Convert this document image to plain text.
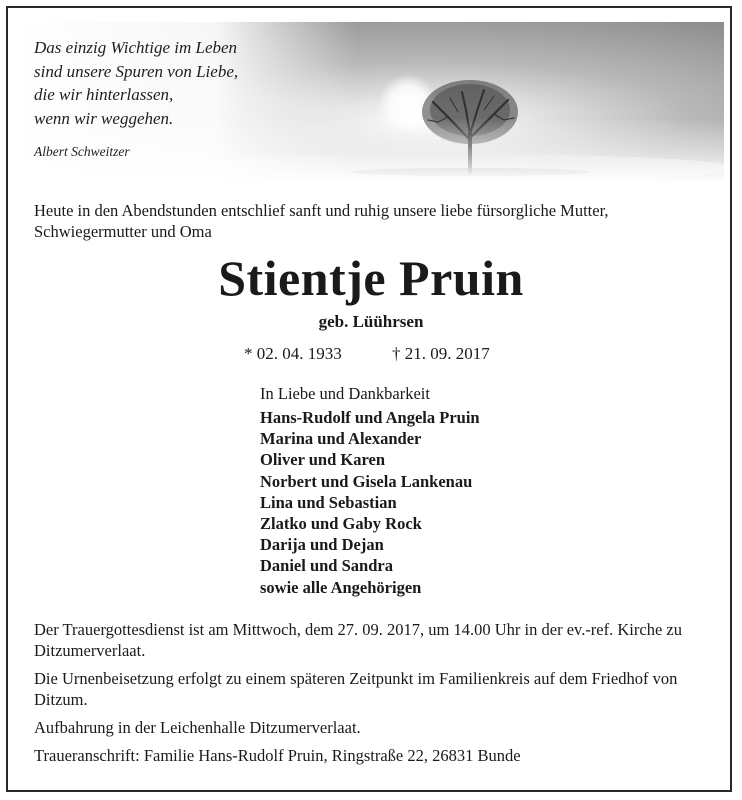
Das einzig Wichtige im Leben
sind unsere Spuren von Liebe,
die wir hinterlassen,
wenn wir weggehen.
Albert Schweitzer
Heute in den Abendstunden entschlief sanft und ruhig unsere liebe fürsorgliche Mutter, Schwiegermutter und Oma
Stientje Pruin
geb. Lüührsen
* 02. 04. 1933	† 21. 09. 2017
In Liebe und Dankbarkeit
Hans-Rudolf und Angela Pruin
Marina und Alexander
Oliver und Karen
Norbert und Gisela Lankenau
Lina und Sebastian
Zlatko und Gaby Rock
Darija und Dejan
Daniel und Sandra
sowie alle Angehörigen

Der Trauergottesdienst ist am Mittwoch, dem 27. 09. 2017, um 14.00 Uhr in der ev.-ref. Kirche zu Ditzumerverlaat.

Die Urnenbeisetzung erfolgt zu einem späteren Zeitpunkt im Familienkreis auf dem Friedhof von Ditzum.

Aufbahrung in der Leichenhalle Ditzumerverlaat.

Traueranschrift: Familie Hans-Rudolf Pruin, Ringstraße 22, 26831 Bunde
